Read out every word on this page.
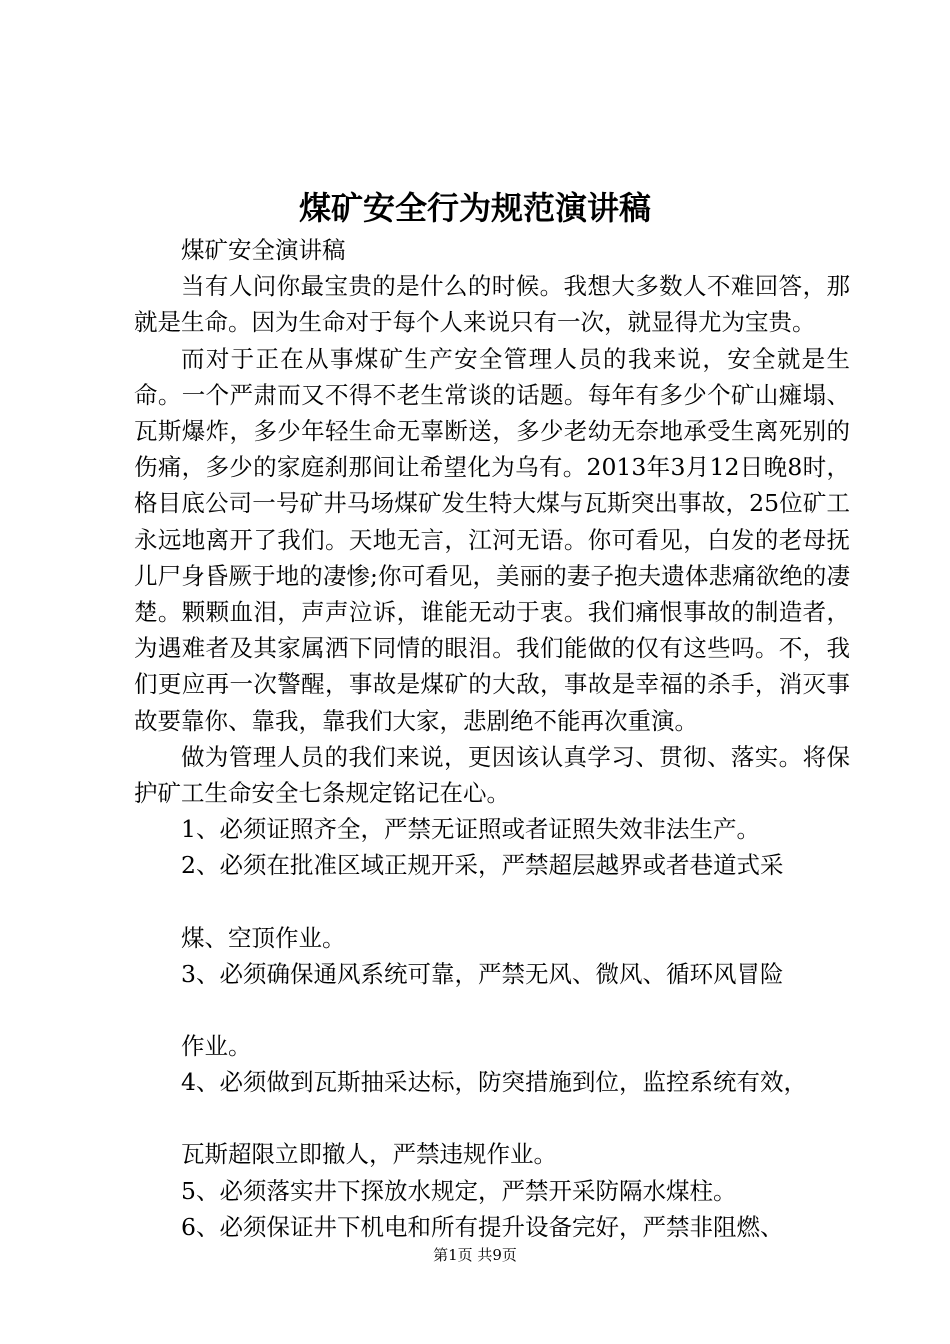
煤矿安全行为规范演讲稿

煤矿安全演讲稿

当有人问你最宝贵的是什么的时候。我想大多数人不难回答，那就是生命。因为生命对于每个人来说只有一次，就显得尤为宝贵。

而对于正在从事煤矿生产安全管理人员的我来说，安全就是生命。一个严肃而又不得不老生常谈的话题。每年有多少个矿山瘫塌、瓦斯爆炸，多少年轻生命无辜断送，多少老幼无奈地承受生离死别的伤痛，多少的家庭刹那间让希望化为乌有。2013年3月12日晚8时，格目底公司一号矿井马场煤矿发生特大煤与瓦斯突出事故，25位矿工永远地离开了我们。天地无言，江河无语。你可看见，白发的老母抚儿尸身昏厥于地的凄惨;你可看见，美丽的妻子抱夫遗体悲痛欲绝的凄楚。颗颗血泪，声声泣诉，谁能无动于衷。我们痛恨事故的制造者，为遇难者及其家属洒下同情的眼泪。我们能做的仅有这些吗。不，我们更应再一次警醒，事故是煤矿的大敌，事故是幸福的杀手，消灭事故要靠你、靠我，靠我们大家，悲剧绝不能再次重演。

做为管理人员的我们来说，更因该认真学习、贯彻、落实。将保护矿工生命安全七条规定铭记在心。

1、必须证照齐全，严禁无证照或者证照失效非法生产。

2、必须在批准区域正规开采，严禁超层越界或者巷道式采

煤、空顶作业。

3、必须确保通风系统可靠，严禁无风、微风、循环风冒险

作业。

4、必须做到瓦斯抽采达标，防突措施到位，监控系统有效，

瓦斯超限立即撤人，严禁违规作业。

5、必须落实井下探放水规定，严禁开采防隔水煤柱。

6、必须保证井下机电和所有提升设备完好，严禁非阻燃、

第1页 共9页
